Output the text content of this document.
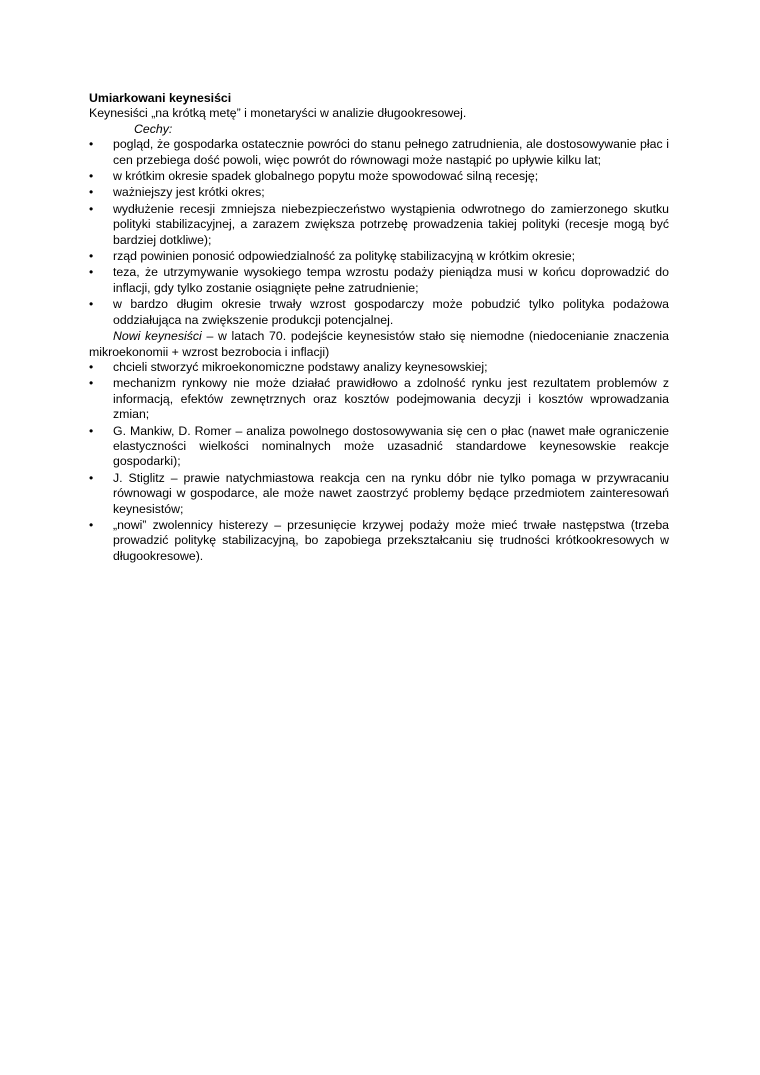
Umiarkowani keynesiści

Keynesiści „na krótką metę” i monetaryści w analizie długookresowej.

Cechy:

•	pogląd, że gospodarka ostatecznie powróci do stanu pełnego zatrudnienia, ale dostosowywanie płac i cen przebiega dość powoli, więc powrót do równowagi może nastąpić po upływie kilku lat;
•	w krótkim okresie spadek globalnego popytu może spowodować silną recesję;
•	ważniejszy jest krótki okres;
•	wydłużenie recesji zmniejsza niebezpieczeństwo wystąpienia odwrotnego do zamierzonego skutku polityki stabilizacyjnej, a zarazem zwiększa potrzebę prowadzenia takiej polityki (recesje mogą być bardziej dotkliwe);
•	rząd powinien ponosić odpowiedzialność za politykę stabilizacyjną w krótkim okresie;
•	teza, że utrzymywanie wysokiego tempa wzrostu podaży pieniądza musi w końcu doprowadzić do inflacji, gdy tylko zostanie osiągnięte pełne zatrudnienie;
•	w bardzo długim okresie trwały wzrost gospodarczy może pobudzić tylko polityka podażowa oddziałująca na zwiększenie produkcji potencjalnej.

Nowi keynesiści – w latach 70. podejście keynesistów stało się niemodne (niedocenianie znaczenia mikroekonomii + wzrost bezrobocia i inflacji)

•	chcieli stworzyć mikroekonomiczne podstawy analizy keynesowskiej;
•	mechanizm rynkowy nie może działać prawidłowo a zdolność rynku jest rezultatem problemów z informacją, efektów zewnętrznych oraz kosztów podejmowania decyzji i kosztów wprowadzania zmian;
•	G. Mankiw, D. Romer – analiza powolnego dostosowywania się cen o płac (nawet małe ograniczenie elastyczności wielkości nominalnych może uzasadnić standardowe keynesowskie reakcje gospodarki);
•	J. Stiglitz – prawie natychmiastowa reakcja cen na rynku dóbr nie tylko pomaga w przywracaniu równowagi w gospodarce, ale może nawet zaostrzyć problemy będące przedmiotem zainteresowań keynesistów;
•	„nowi” zwolennicy histerezy – przesunięcie krzywej podaży może mieć trwałe następstwa (trzeba prowadzić politykę stabilizacyjną, bo zapobiega przekształcaniu się trudności krótkookresowych w długookresowe).
